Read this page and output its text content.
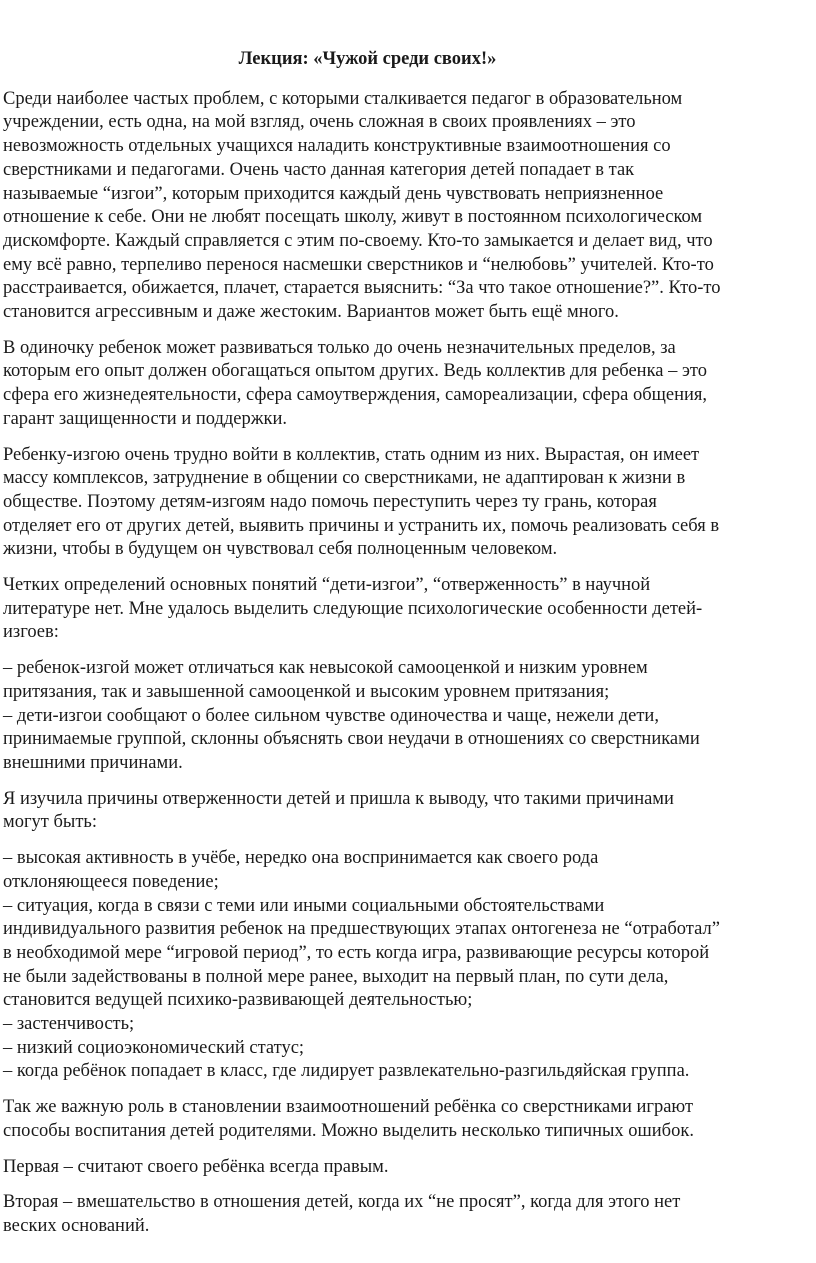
Лекция: «Чужой среди своих!»
Среди наиболее частых проблем, с которыми сталкивается педагог в образовательном
учреждении, есть одна, на мой взгляд, очень сложная в своих проявлениях – это
невозможность отдельных учащихся наладить конструктивные взаимоотношения со
сверстниками и педагогами. Очень часто данная категория детей попадает в так
называемые “изгои”, которым приходится каждый день чувствовать неприязненное
отношение к себе. Они не любят посещать школу, живут в постоянном психологическом
дискомфорте. Каждый справляется с этим по-своему. Кто-то замыкается и делает вид, что
ему всё равно, терпеливо перенося насмешки сверстников и “нелюбовь” учителей. Кто-то
расстраивается, обижается, плачет, старается выяснить: “За что такое отношение?”. Кто-то
становится агрессивным и даже жестоким. Вариантов может быть ещё много.
В одиночку ребенок может развиваться только до очень незначительных пределов, за
которым его опыт должен обогащаться опытом других. Ведь коллектив для ребенка – это
сфера его жизнедеятельности, сфера самоутверждения, самореализации, сфера общения,
гарант защищенности и поддержки.
Ребенку-изгою очень трудно войти в коллектив, стать одним из них. Вырастая, он имеет
массу комплексов, затруднение в общении со сверстниками, не адаптирован к жизни в
обществе. Поэтому детям-изгоям надо помочь переступить через ту грань, которая
отделяет его от других детей, выявить причины и устранить их, помочь реализовать себя в
жизни, чтобы в будущем он чувствовал себя полноценным человеком.
Четких определений основных понятий “дети-изгои”, “отверженность” в научной
литературе нет. Мне удалось выделить следующие психологические особенности детей-
изгоев:
– ребенок-изгой может отличаться как невысокой самооценкой и низким уровнем
притязания, так и завышенной самооценкой и высоким уровнем притязания;
– дети-изгои сообщают о более сильном чувстве одиночества и чаще, нежели дети,
принимаемые группой, склонны объяснять свои неудачи в отношениях со сверстниками
внешними причинами.
Я изучила причины отверженности детей и пришла к выводу, что такими причинами
могут быть:
– высокая активность в учёбе, нередко она воспринимается как своего рода
отклоняющееся поведение;
– ситуация, когда в связи с теми или иными социальными обстоятельствами
индивидуального развития ребенок на предшествующих этапах онтогенеза не “отработал”
в необходимой мере “игровой период”, то есть когда игра, развивающие ресурсы которой
не были задействованы в полной мере ранее, выходит на первый план, по сути дела,
становится ведущей психико-развивающей деятельностью;
– застенчивость;
– низкий социоэкономический статус;
– когда ребёнок попадает в класс, где лидирует развлекательно-разгильдяйская группа.
Так же важную роль в становлении взаимоотношений ребёнка со сверстниками играют
способы воспитания детей родителями. Можно выделить несколько типичных ошибок.
Первая – считают своего ребёнка всегда правым.
Вторая – вмешательство в отношения детей, когда их “не просят”, когда для этого нет
веских оснований.
